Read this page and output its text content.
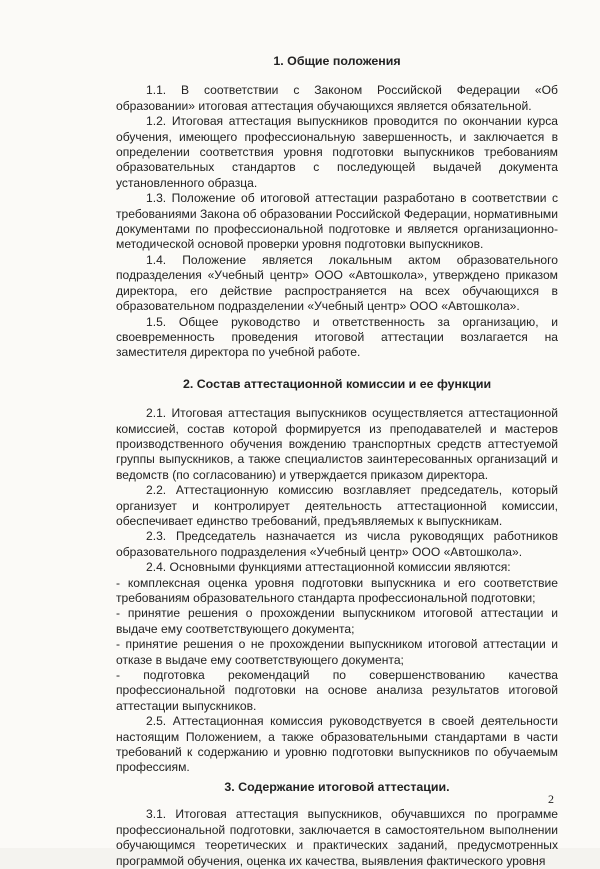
1. Общие положения

1.1. В соответствии с Законом Российской Федерации «Об образовании» итоговая аттестация обучающихся является обязательной.

1.2. Итоговая аттестация выпускников проводится по окончании курса обучения, имеющего профессиональную завершенность, и заключается в определении соответствия уровня подготовки выпускников требованиям образовательных стандартов с последующей выдачей документа установленного образца.

1.3. Положение об итоговой аттестации разработано в соответствии с требованиями Закона об образовании Российской Федерации, нормативными документами по профессиональной подготовке и является организационно-методической основой проверки уровня подготовки выпускников.

1.4. Положение является локальным актом образовательного подразделения «Учебный центр» ООО «Автошкола», утверждено приказом директора, его действие распространяется на всех обучающихся в образовательном подразделении «Учебный центр» ООО «Автошкола».

1.5. Общее руководство и ответственность за организацию, и своевременность проведения итоговой аттестации возлагается на заместителя директора по учебной работе.

2. Состав аттестационной комиссии и ее функции

2.1. Итоговая аттестация выпускников осуществляется аттестационной комиссией, состав которой формируется из преподавателей и мастеров производственного обучения вождению транспортных средств аттестуемой группы выпускников, а также специалистов заинтересованных организаций и ведомств (по согласованию) и утверждается приказом директора.

2.2. Аттестационную комиссию возглавляет председатель, который организует и контролирует деятельность аттестационной комиссии, обеспечивает единство требований, предъявляемых к выпускникам.

2.3. Председатель назначается из числа руководящих работников образовательного подразделения «Учебный центр» ООО «Автошкола».

2.4. Основными функциями аттестационной комиссии являются:

- комплексная оценка уровня подготовки выпускника и его соответствие требованиям образовательного стандарта профессиональной подготовки;

- принятие решения о прохождении выпускником итоговой аттестации и выдаче ему соответствующего документа;

- принятие решения о не прохождении выпускником итоговой аттестации и отказе в выдаче ему соответствующего документа;

- подготовка рекомендаций по совершенствованию качества профессиональной подготовки на основе анализа результатов итоговой аттестации выпускников.

2.5. Аттестационная комиссия руководствуется в своей деятельности настоящим Положением, а также образовательными стандартами в части требований к содержанию и уровню подготовки выпускников по обучаемым профессиям.

3. Содержание итоговой аттестации.

3.1. Итоговая аттестация выпускников, обучавшихся по программе профессиональной подготовки, заключается в самостоятельном выполнении обучающимся теоретических и практических заданий, предусмотренных программой обучения, оценка их качества, выявления фактического уровня

2
